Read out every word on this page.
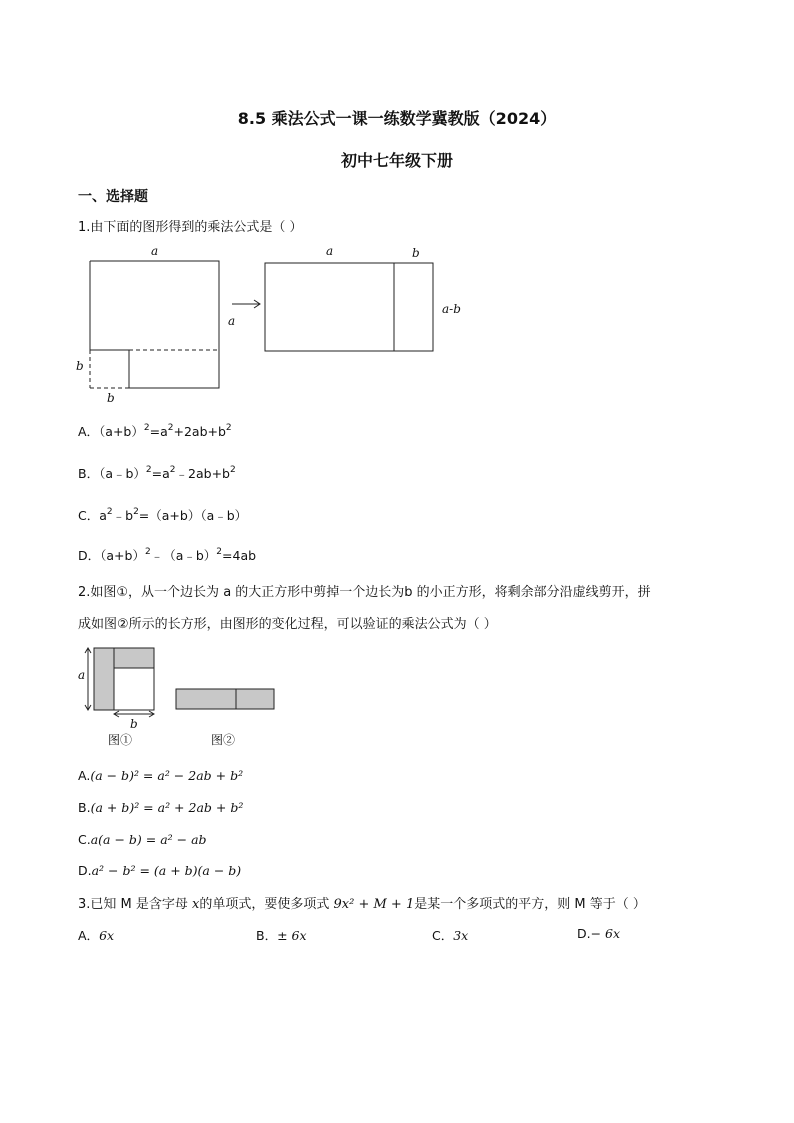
8.5 乘法公式一课一练数学冀教版（2024）
初中七年级下册
一、选择题
1.由下面的图形得到的乘法公式是（ ）
a
b
b
a
a	b
a-b
A．$(a+b)^2=a^2+2ab+b^2$
B．$(a﹣b)^2=a^2﹣2ab+b^2$
C．$a^2﹣b^2=(a+b)(a﹣b)$
D．$(a+b)^2﹣(a﹣b)^2=4ab$
2.如图①，从一个边长为 a 的大正方形中剪掉一个边长为b 的小正方形，将剩余部分沿虚线剪开，拼
成如图②所示的长方形，由图形的变化过程，可以验证的乘法公式为（ ）
a
b
图①	图②
A.(a − b)² = a² − 2ab + b²
B.(a + b)² = a² + 2ab + b²
C.a(a − b) = a² − ab
D.a² − b² = (a + b)(a − b)
3.已知 M 是含字母 x的单项式，要使多项式 9x² + M + 1是某一个多项式的平方，则 M 等于（ ）
A．6x	B．± 6x	C．3x	D.− 6x
